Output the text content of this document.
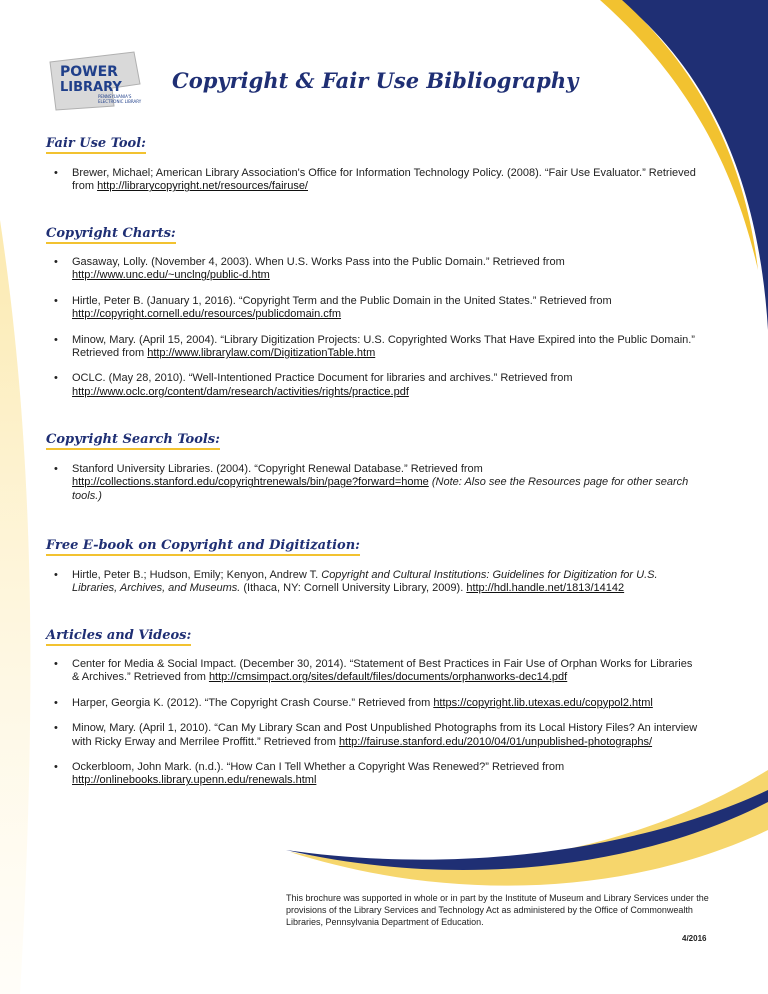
POWER
LIBRARY
PENNSYLVANIA'S
ELECTRONIC LIBRARY
Copyright & Fair Use Bibliography
Fair Use Tool:
• Brewer, Michael; American Library Association's Office for Information Technology Policy. (2008). “Fair Use Evaluator.” Retrieved from http://librarycopyright.net/resources/fairuse/
Copyright Charts:
• Gasaway, Lolly. (November 4, 2003). When U.S. Works Pass into the Public Domain.” Retrieved from http://www.unc.edu/~unclng/public-d.htm
• Hirtle, Peter B. (January 1, 2016). “Copyright Term and the Public Domain in the United States.” Retrieved from http://copyright.cornell.edu/resources/publicdomain.cfm
• Minow, Mary. (April 15, 2004). “Library Digitization Projects: U.S. Copyrighted Works That Have Expired into the Public Domain.” Retrieved from http://www.librarylaw.com/DigitizationTable.htm
• OCLC. (May 28, 2010). “Well-Intentioned Practice Document for libraries and archives.” Retrieved from http://www.oclc.org/content/dam/research/activities/rights/practice.pdf
Copyright Search Tools:
• Stanford University Libraries. (2004). “Copyright Renewal Database.” Retrieved from http://collections.stanford.edu/copyrightrenewals/bin/page?forward=home (Note: Also see the Resources page for other search tools.)
Free E-book on Copyright and Digitization:
• Hirtle, Peter B.; Hudson, Emily; Kenyon, Andrew T. Copyright and Cultural Institutions: Guidelines for Digitization for U.S. Libraries, Archives, and Museums. (Ithaca, NY: Cornell University Library, 2009). http://hdl.handle.net/1813/14142
Articles and Videos:
• Center for Media & Social Impact. (December 30, 2014). “Statement of Best Practices in Fair Use of Orphan Works for Libraries & Archives.” Retrieved from http://cmsimpact.org/sites/default/files/documents/orphanworks-dec14.pdf
• Harper, Georgia K. (2012). “The Copyright Crash Course.” Retrieved from https://copyright.lib.utexas.edu/copypol2.html
• Minow, Mary. (April 1, 2010). “Can My Library Scan and Post Unpublished Photographs from its Local History Files? An interview with Ricky Erway and Merrilee Proffitt.” Retrieved from http://fairuse.stanford.edu/2010/04/01/unpublished-photographs/
• Ockerbloom, John Mark. (n.d.). “How Can I Tell Whether a Copyright Was Renewed?” Retrieved from http://onlinebooks.library.upenn.edu/renewals.html

This brochure was supported in whole or in part by the Institute of Museum and Library Services under the provisions of the Library Services and Technology Act as administered by the Office of Commonwealth Libraries, Pennsylvania Department of Education.

4/2016
